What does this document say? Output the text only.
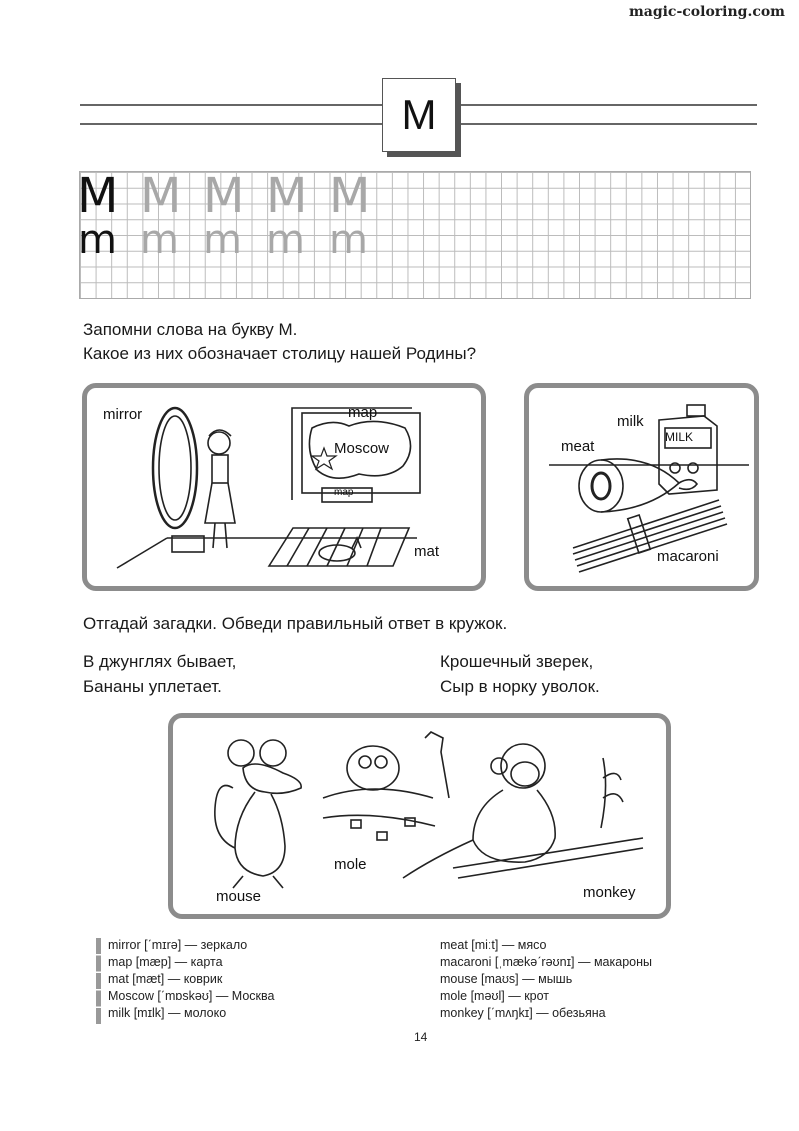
magic-coloring.com
M
M M M M M
m m m m m
Запомни слова на букву М.
Какое из них обозначает столицу нашей Родины?
mirror	map
Moscow
map
mat
milk
MILK
meat
macaroni
Отгадай загадки. Обведи правильный ответ в кружок.
В джунглях бывает,
Бананы уплетает.
Крошечный зверек,
Сыр в норку уволок.
mouse
mole
monkey
mirror [ˊmɪrə] — зеркало
map [mæp] — карта
mat [mæt] — коврик
Moscow [ˊmɒskəʊ] — Москва
milk [mɪlk] — молоко
meat [miːt] — мясо
macaroni [ˌmækəˊrəʊnɪ] — макароны
mouse [maʊs] — мышь
mole [məʊl] — крот
monkey [ˊmʌŋkɪ] — обезьяна
14
